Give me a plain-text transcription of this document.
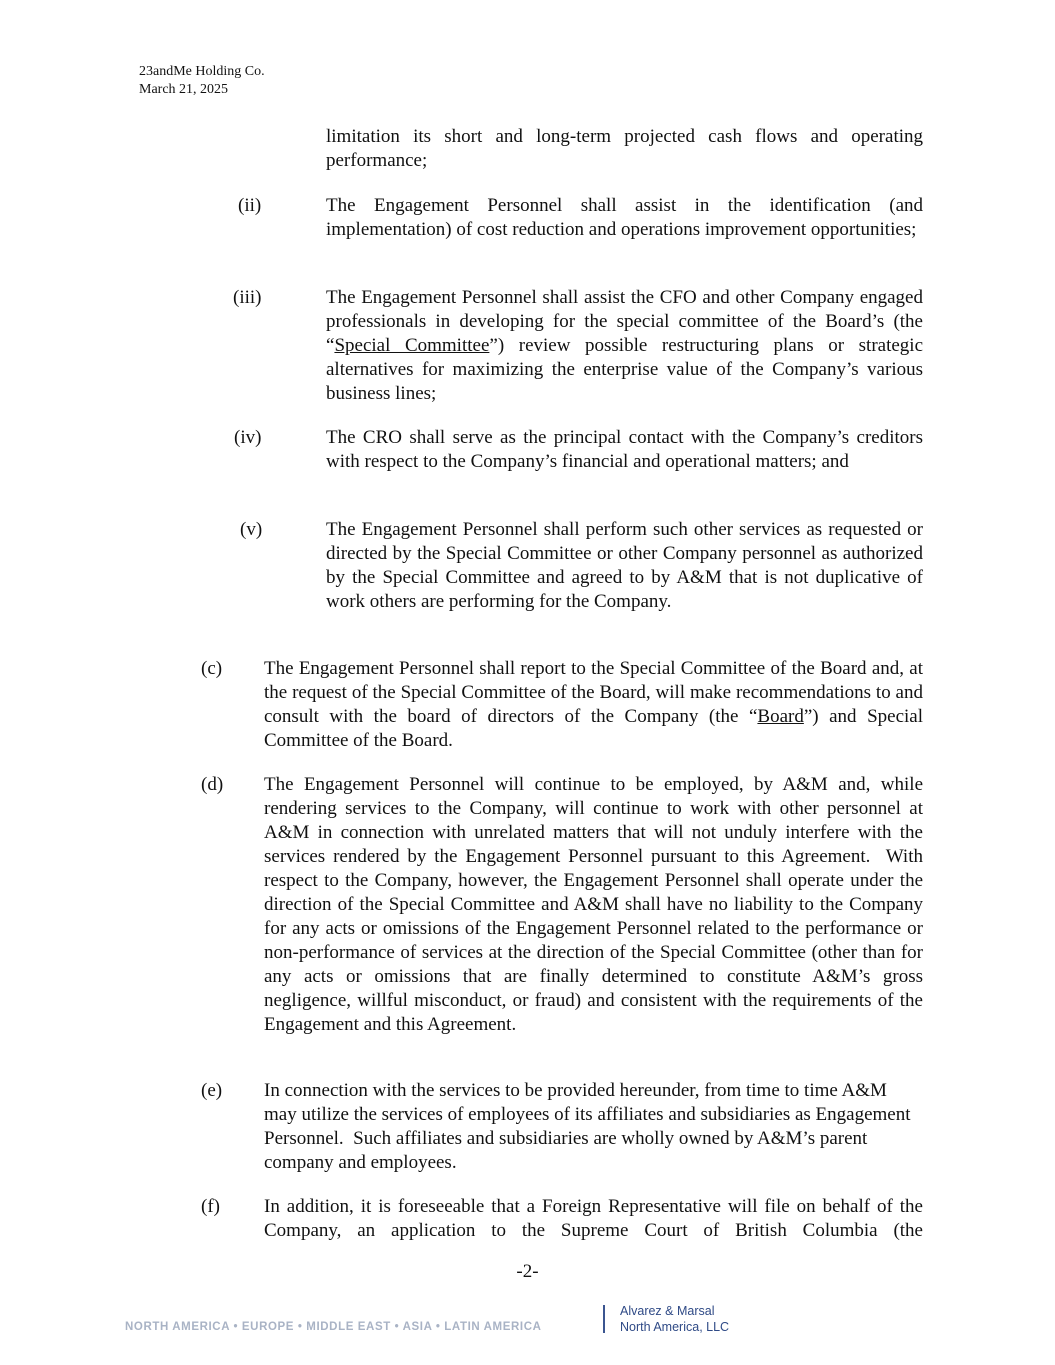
23andMe Holding Co.
March 21, 2025
limitation its short and long-term projected cash flows and operating performance;
(ii)	The Engagement Personnel shall assist in the identification (and implementation) of cost reduction and operations improvement opportunities;
(iii)	The Engagement Personnel shall assist the CFO and other Company engaged professionals in developing for the special committee of the Board’s (the “Special Committee”) review possible restructuring plans or strategic alternatives for maximizing the enterprise value of the Company’s various business lines;
(iv)	The CRO shall serve as the principal contact with the Company’s creditors with respect to the Company’s financial and operational matters; and
(v)	The Engagement Personnel shall perform such other services as requested or directed by the Special Committee or other Company personnel as authorized by the Special Committee and agreed to by A&M that is not duplicative of work others are performing for the Company.
(c) The Engagement Personnel shall report to the Special Committee of the Board and, at the request of the Special Committee of the Board, will make recommendations to and consult with the board of directors of the Company (the “Board”) and Special Committee of the Board.
(d) The Engagement Personnel will continue to be employed, by A&M and, while rendering services to the Company, will continue to work with other personnel at A&M in connection with unrelated matters that will not unduly interfere with the services rendered by the Engagement Personnel pursuant to this Agreement.  With respect to the Company, however, the Engagement Personnel shall operate under the direction of the Special Committee and A&M shall have no liability to the Company for any acts or omissions of the Engagement Personnel related to the performance or non-performance of services at the direction of the Special Committee (other than for any acts or omissions that are finally determined to constitute A&M’s gross negligence, willful misconduct, or fraud) and consistent with the requirements of the Engagement and this Agreement.
(e) In connection with the services to be provided hereunder, from time to time A&M may utilize the services of employees of its affiliates and subsidiaries as Engagement Personnel.  Such affiliates and subsidiaries are wholly owned by A&M’s parent company and employees.
(f) In addition, it is foreseeable that a Foreign Representative will file on behalf of the Company, an application to the Supreme Court of British Columbia (the
-2-
NORTH AMERICA • EUROPE • MIDDLE EAST • ASIA • LATIN AMERICA
Alvarez & Marsal
North America, LLC
